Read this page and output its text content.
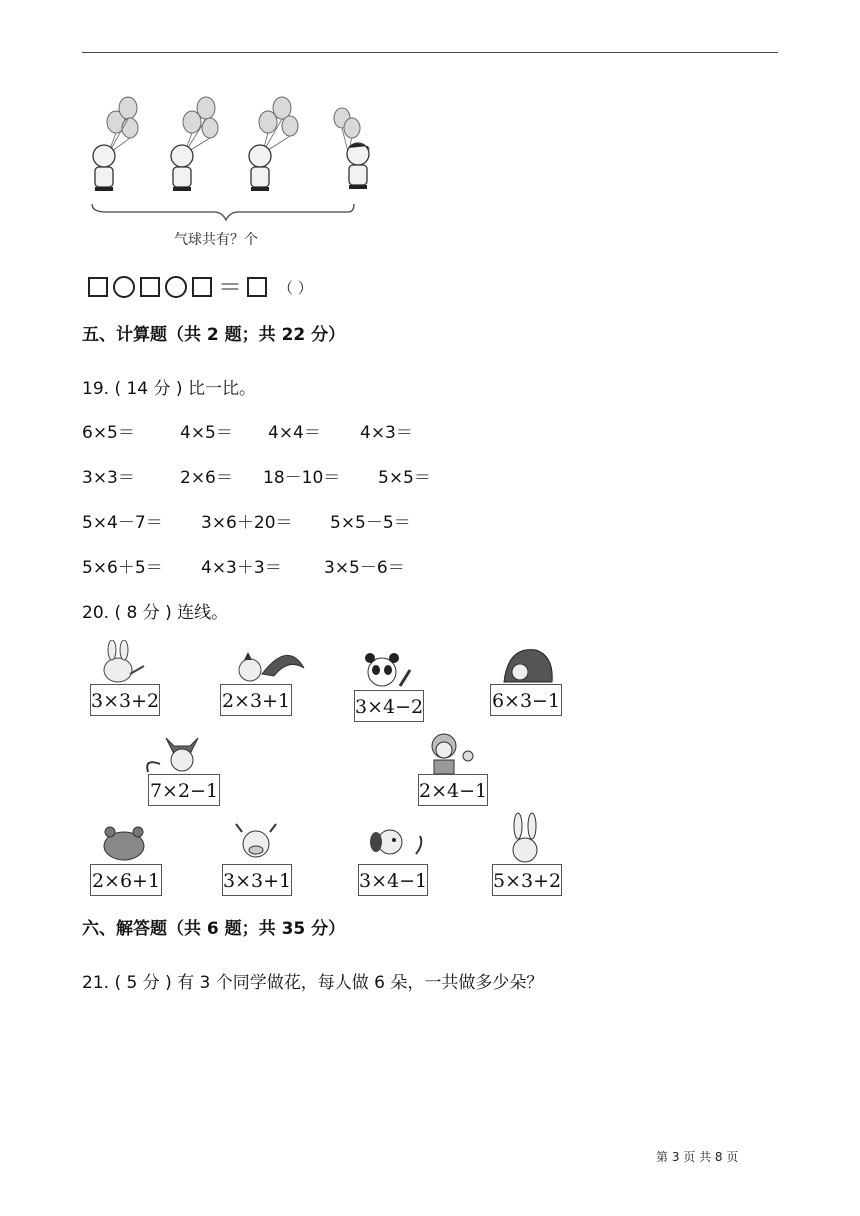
气球共有？个
＝ （ ）
五、计算题（共 2 题；共 22 分）
19. ( 14 分 ) 比一比。
6×5＝	4×5＝ 4×4＝ 4×3＝
3×3＝	2×6＝ 18－10＝ 5×5＝
5×4－7＝ 3×6＋20＝ 5×5－5＝
5×6＋5＝ 4×3＋3＝ 3×5－6＝
20. ( 8 分 ) 连线。
3×3+2	2×3+1	3×4−2	6×3−1
7×2−1	2×4−1
2×6+1	3×3+1	3×4−1	5×3+2
六、解答题（共 6 题；共 35 分）
21. ( 5 分 ) 有 3 个同学做花，每人做 6 朵，一共做多少朵？
第 3 页 共 8 页
